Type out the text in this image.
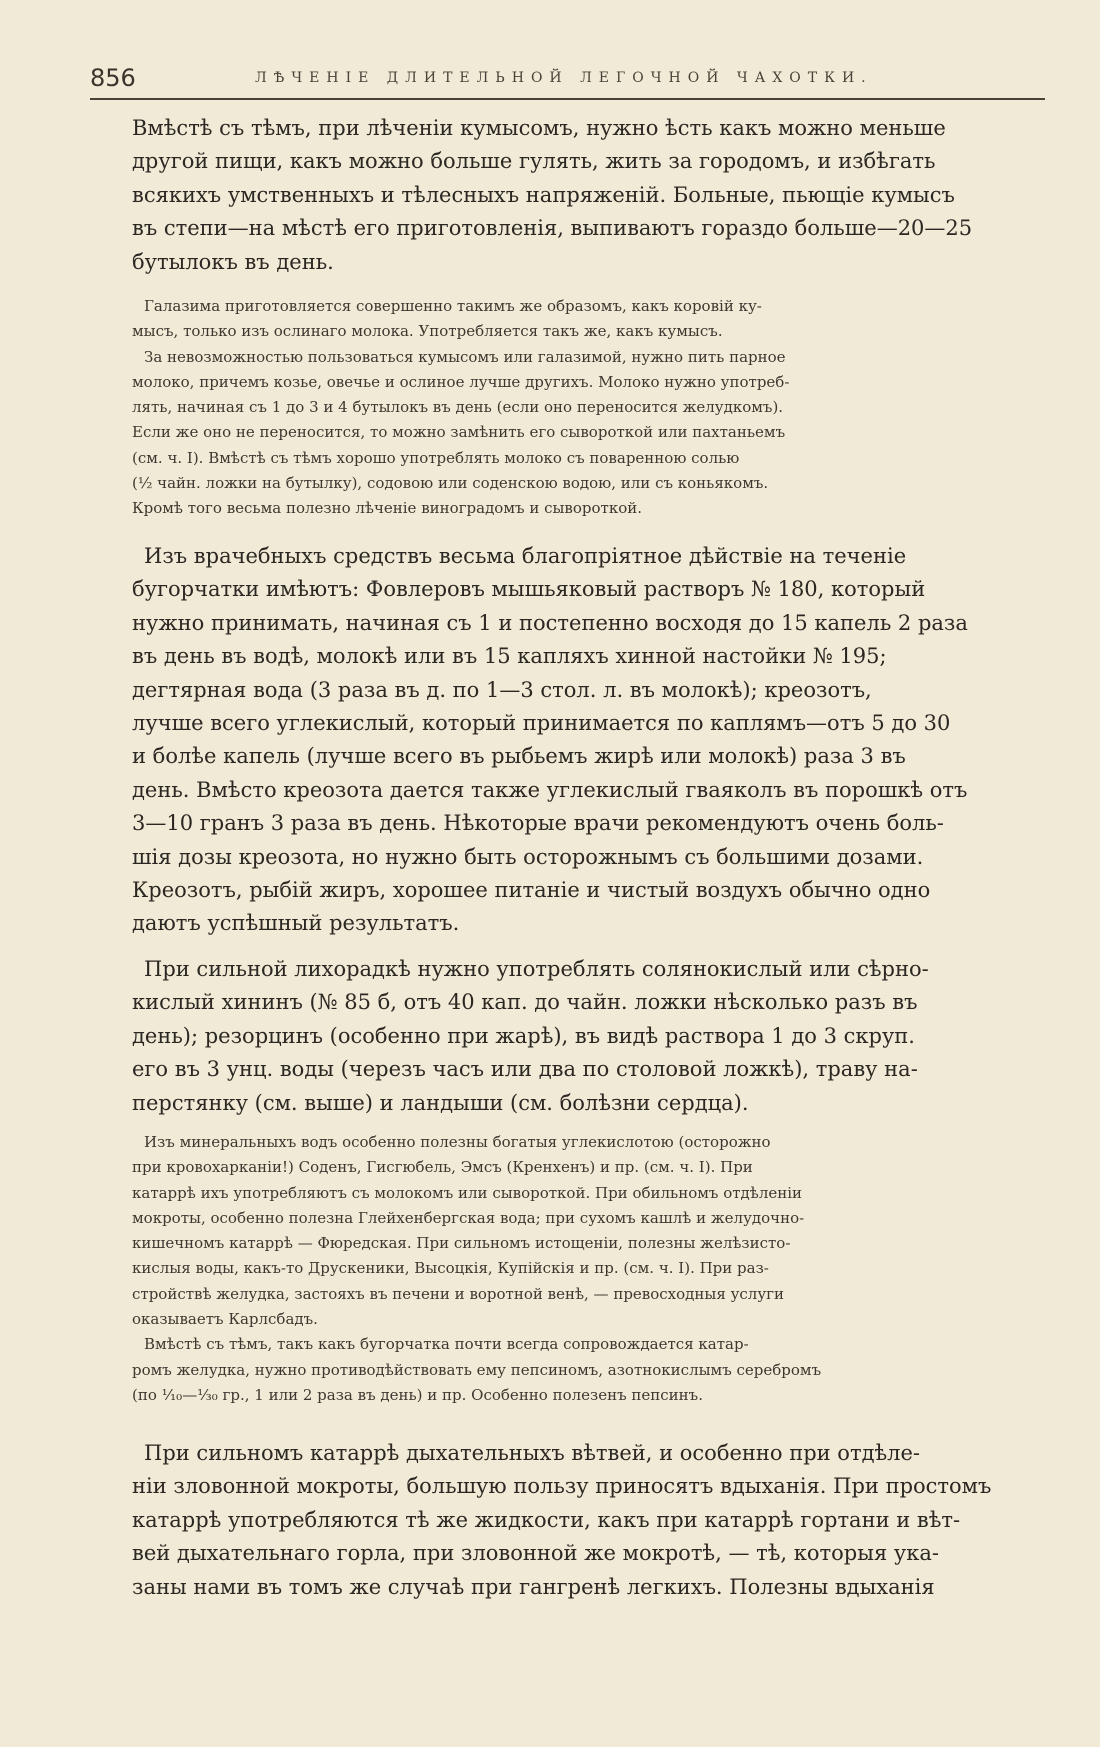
856	ЛѢЧЕНІЕ ДЛИТЕЛЬНОЙ ЛЕГОЧНОЙ ЧАХОТКИ.
Вмѣстѣ съ тѣмъ, при лѣченіи кумысомъ, нужно ѣсть какъ можно меньше
другой пищи, какъ можно больше гулять, жить за городомъ, и избѣгать
всякихъ умственныхъ и тѣлесныхъ напряженій. Больные, пьющіе кумысъ
въ степи—на мѣстѣ его приготовленія, выпиваютъ гораздо больше—20—25
бутылокъ въ день.
Галазима приготовляется совершенно такимъ же образомъ, какъ коровій ку-
мысъ, только изъ ослинаго молока. Употребляется такъ же, какъ кумысъ.
За невозможностью пользоваться кумысомъ или галазимой, нужно пить парное
молоко, причемъ козье, овечье и ослиное лучше другихъ. Молоко нужно употреб-
лять, начиная съ 1 до 3 и 4 бутылокъ въ день (если оно переносится желудкомъ).
Если же оно не переносится, то можно замѣнить его сывороткой или пахтаньемъ
(см. ч. I). Вмѣстѣ съ тѣмъ хорошо употреблять молоко съ поваренною солью
(½ чайн. ложки на бутылку), содовою или соденскою водою, или съ коньякомъ.
Кромѣ того весьма полезно лѣченіе виноградомъ и сывороткой.
Изъ врачебныхъ средствъ весьма благопріятное дѣйствіе на теченіе
бугорчатки имѣютъ: Фовлеровъ мышьяковый растворъ № 180, который
нужно принимать, начиная съ 1 и постепенно восходя до 15 капель 2 раза
въ день въ водѣ, молокѣ или въ 15 капляхъ хинной настойки № 195;
дегтярная вода (3 раза въ д. по 1—3 стол. л. въ молокѣ); креозотъ,
лучше всего углекислый, который принимается по каплямъ—отъ 5 до 30
и болѣе капель (лучше всего въ рыбьемъ жирѣ или молокѣ) раза 3 въ
день. Вмѣсто креозота дается также углекислый гваяколъ въ порошкѣ отъ
3—10 гранъ 3 раза въ день. Нѣкоторые врачи рекомендуютъ очень боль-
шія дозы креозота, но нужно быть осторожнымъ съ большими дозами.
Креозотъ, рыбій жиръ, хорошее питаніе и чистый воздухъ обычно одно
даютъ успѣшный результатъ.
При сильной лихорадкѣ нужно употреблять солянокислый или сѣрно-
кислый хининъ (№ 85 б, отъ 40 кап. до чайн. ложки нѣсколько разъ въ
день); резорцинъ (особенно при жарѣ), въ видѣ раствора 1 до 3 скруп.
его въ 3 унц. воды (черезъ часъ или два по столовой ложкѣ), траву на-
перстянку (см. выше) и ландыши (см. болѣзни сердца).
Изъ минеральныхъ водъ особенно полезны богатыя углекислотою (осторожно
при кровохарканіи!) Соденъ, Гисгюбель, Эмсъ (Кренхенъ) и пр. (см. ч. I). При
катаррѣ ихъ употребляютъ съ молокомъ или сывороткой. При обильномъ отдѣленіи
мокроты, особенно полезна Глейхенбергская вода; при сухомъ кашлѣ и желудочно-
кишечномъ катаррѣ — Фюредская. При сильномъ истощеніи, полезны желѣзисто-
кислыя воды, какъ-то Друскеники, Высоцкія, Купійскія и пр. (см. ч. I). При раз-
стройствѣ желудка, застояхъ въ печени и воротной венѣ, — превосходныя услуги
оказываетъ Карлсбадъ.
Вмѣстѣ съ тѣмъ, такъ какъ бугорчатка почти всегда сопровождается катар-
ромъ желудка, нужно противодѣйствовать ему пепсиномъ, азотнокислымъ серебромъ
(по ¹⁄₁₀—¹⁄₃₀ гр., 1 или 2 раза въ день) и пр. Особенно полезенъ пепсинъ.
При сильномъ катаррѣ дыхательныхъ вѣтвей, и особенно при отдѣле-
ніи зловонной мокроты, большую пользу приносятъ вдыханія. При простомъ
катаррѣ употребляются тѣ же жидкости, какъ при катаррѣ гортани и вѣт-
вей дыхательнаго горла, при зловонной же мокротѣ, — тѣ, которыя ука-
заны нами въ томъ же случаѣ при гангренѣ легкихъ. Полезны вдыханія
